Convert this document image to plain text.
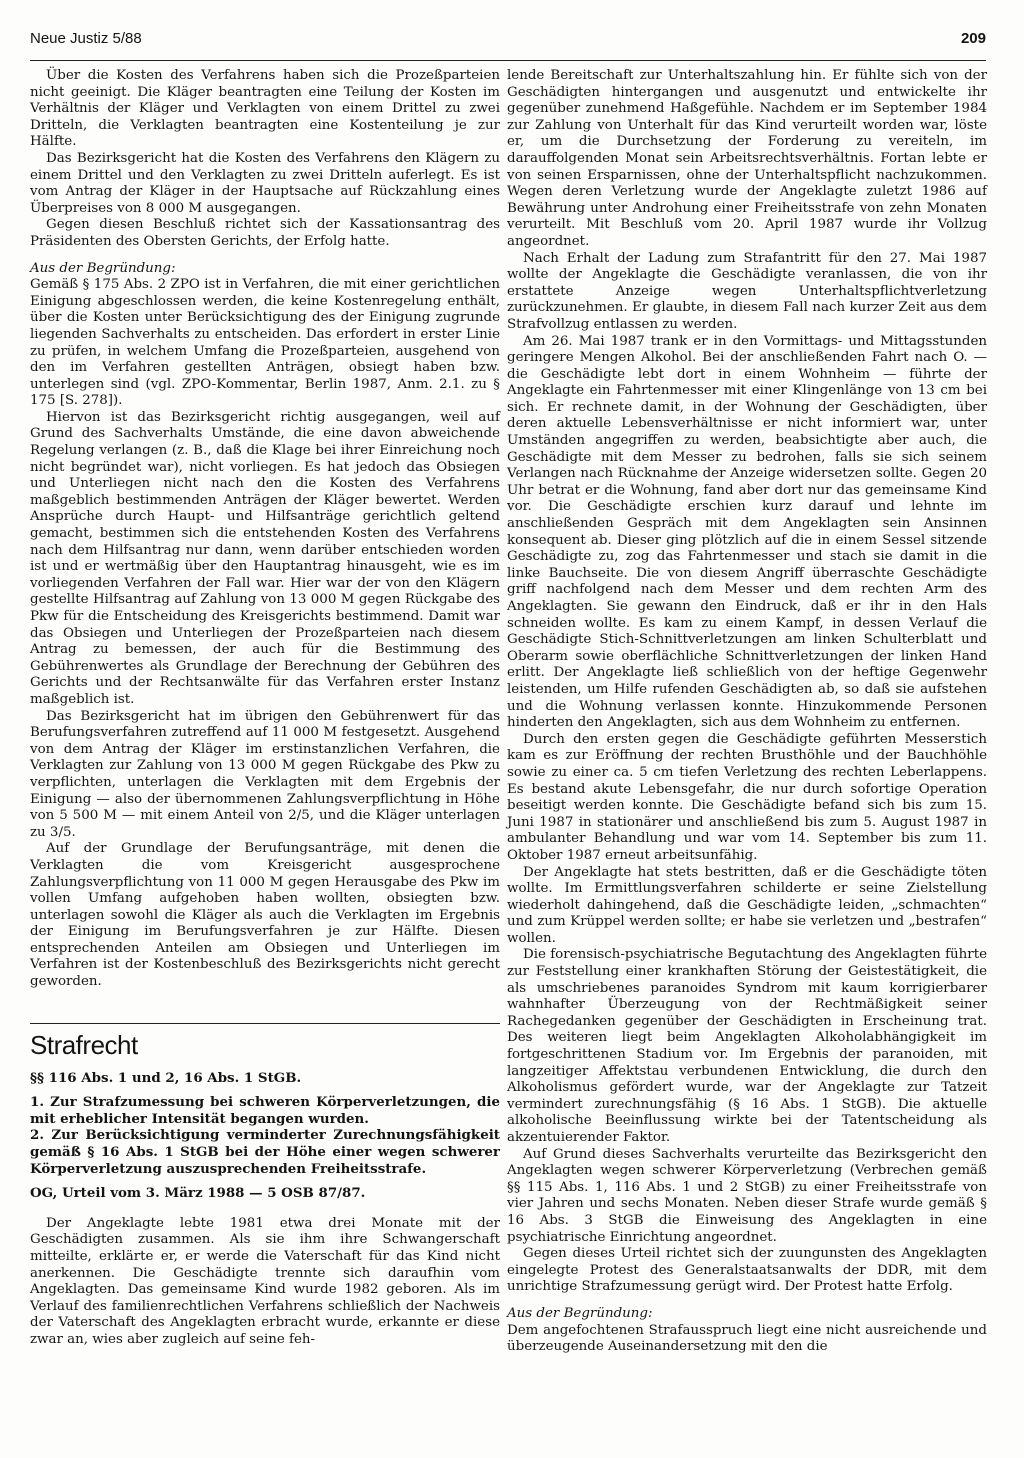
Neue Justiz 5/88	209

Über die Kosten des Verfahrens haben sich die Prozeßparteien nicht geeinigt. Die Kläger beantragten eine Teilung der Kosten im Verhältnis der Kläger und Verklagten von einem Drittel zu zwei Dritteln, die Verklagten beantragten eine Kostenteilung je zur Hälfte.

Das Bezirksgericht hat die Kosten des Verfahrens den Klägern zu einem Drittel und den Verklagten zu zwei Dritteln auferlegt. Es ist vom Antrag der Kläger in der Hauptsache auf Rückzahlung eines Überpreises von 8 000 M ausgegangen.

Gegen diesen Beschluß richtet sich der Kassationsantrag des Präsidenten des Obersten Gerichts, der Erfolg hatte.

Aus der Begründung:

Gemäß § 175 Abs. 2 ZPO ist in Verfahren, die mit einer gerichtlichen Einigung abgeschlossen werden, die keine Kostenregelung enthält, über die Kosten unter Berücksichtigung des der Einigung zugrunde liegenden Sachverhalts zu entscheiden. Das erfordert in erster Linie zu prüfen, in welchem Umfang die Prozeßparteien, ausgehend von den im Verfahren gestellten Anträgen, obsiegt haben bzw. unterlegen sind (vgl. ZPO-Kommentar, Berlin 1987, Anm. 2.1. zu § 175 [S. 278]).

Hiervon ist das Bezirksgericht richtig ausgegangen, weil auf Grund des Sachverhalts Umstände, die eine davon abweichende Regelung verlangen (z. B., daß die Klage bei ihrer Einreichung noch nicht begründet war), nicht vorliegen. Es hat jedoch das Obsiegen und Unterliegen nicht nach den die Kosten des Verfahrens maßgeblich bestimmenden Anträgen der Kläger bewertet. Werden Ansprüche durch Haupt- und Hilfsanträge gerichtlich geltend gemacht, bestimmen sich die entstehenden Kosten des Verfahrens nach dem Hilfsantrag nur dann, wenn darüber entschieden worden ist und er wertmäßig über den Hauptantrag hinausgeht, wie es im vorliegenden Verfahren der Fall war. Hier war der von den Klägern gestellte Hilfsantrag auf Zahlung von 13 000 M gegen Rückgabe des Pkw für die Entscheidung des Kreisgerichts bestimmend. Damit war das Obsiegen und Unterliegen der Prozeßparteien nach diesem Antrag zu bemessen, der auch für die Bestimmung des Gebührenwertes als Grundlage der Berechnung der Gebühren des Gerichts und der Rechtsanwälte für das Verfahren erster Instanz maßgeblich ist.

Das Bezirksgericht hat im übrigen den Gebührenwert für das Berufungsverfahren zutreffend auf 11 000 M festgesetzt. Ausgehend von dem Antrag der Kläger im erstinstanzlichen Verfahren, die Verklagten zur Zahlung von 13 000 M gegen Rückgabe des Pkw zu verpflichten, unterlagen die Verklagten mit dem Ergebnis der Einigung — also der übernommenen Zahlungsverpflichtung in Höhe von 5 500 M — mit einem Anteil von 2/5, und die Kläger unterlagen zu 3/5.

Auf der Grundlage der Berufungsanträge, mit denen die Verklagten die vom Kreisgericht ausgesprochene Zahlungsverpflichtung von 11 000 M gegen Herausgabe des Pkw im vollen Umfang aufgehoben haben wollten, obsiegten bzw. unterlagen sowohl die Kläger als auch die Verklagten im Ergebnis der Einigung im Berufungsverfahren je zur Hälfte. Diesen entsprechenden Anteilen am Obsiegen und Unterliegen im Verfahren ist der Kostenbeschluß des Bezirksgerichts nicht gerecht geworden.

Strafrecht

§§ 116 Abs. 1 und 2, 16 Abs. 1 StGB.

1. Zur Strafzumessung bei schweren Körperverletzungen, die mit erheblicher Intensität begangen wurden.

2. Zur Berücksichtigung verminderter Zurechnungsfähigkeit gemäß § 16 Abs. 1 StGB bei der Höhe einer wegen schwerer Körperverletzung auszusprechenden Freiheitsstrafe.

OG, Urteil vom 3. März 1988 — 5 OSB 87/87.

Der Angeklagte lebte 1981 etwa drei Monate mit der Geschädigten zusammen. Als sie ihm ihre Schwangerschaft mitteilte, erklärte er, er werde die Vaterschaft für das Kind nicht anerkennen. Die Geschädigte trennte sich daraufhin vom Angeklagten. Das gemeinsame Kind wurde 1982 geboren. Als im Verlauf des familienrechtlichen Verfahrens schließlich der Nachweis der Vaterschaft des Angeklagten erbracht wurde, erkannte er diese zwar an, wies aber zugleich auf seine feh-

lende Bereitschaft zur Unterhaltszahlung hin. Er fühlte sich von der Geschädigten hintergangen und ausgenutzt und entwickelte ihr gegenüber zunehmend Haßgefühle. Nachdem er im September 1984 zur Zahlung von Unterhalt für das Kind verurteilt worden war, löste er, um die Durchsetzung der Forderung zu vereiteln, im darauffolgenden Monat sein Arbeitsrechtsverhältnis. Fortan lebte er von seinen Ersparnissen, ohne der Unterhaltspflicht nachzukommen. Wegen deren Verletzung wurde der Angeklagte zuletzt 1986 auf Bewährung unter Androhung einer Freiheitsstrafe von zehn Monaten verurteilt. Mit Beschluß vom 20. April 1987 wurde ihr Vollzug angeordnet.

Nach Erhalt der Ladung zum Strafantritt für den 27. Mai 1987 wollte der Angeklagte die Geschädigte veranlassen, die von ihr erstattete Anzeige wegen Unterhaltspflichtverletzung zurückzunehmen. Er glaubte, in diesem Fall nach kurzer Zeit aus dem Strafvollzug entlassen zu werden.

Am 26. Mai 1987 trank er in den Vormittags- und Mittagsstunden geringere Mengen Alkohol. Bei der anschließenden Fahrt nach O. — die Geschädigte lebt dort in einem Wohnheim — führte der Angeklagte ein Fahrtenmesser mit einer Klingenlänge von 13 cm bei sich. Er rechnete damit, in der Wohnung der Geschädigten, über deren aktuelle Lebensverhältnisse er nicht informiert war, unter Umständen angegriffen zu werden, beabsichtigte aber auch, die Geschädigte mit dem Messer zu bedrohen, falls sie sich seinem Verlangen nach Rücknahme der Anzeige widersetzen sollte. Gegen 20 Uhr betrat er die Wohnung, fand aber dort nur das gemeinsame Kind vor. Die Geschädigte erschien kurz darauf und lehnte im anschließenden Gespräch mit dem Angeklagten sein Ansinnen konsequent ab. Dieser ging plötzlich auf die in einem Sessel sitzende Geschädigte zu, zog das Fahrtenmesser und stach sie damit in die linke Bauchseite. Die von diesem Angriff überraschte Geschädigte griff nachfolgend nach dem Messer und dem rechten Arm des Angeklagten. Sie gewann den Eindruck, daß er ihr in den Hals schneiden wollte. Es kam zu einem Kampf, in dessen Verlauf die Geschädigte Stich-Schnittverletzungen am linken Schulterblatt und Oberarm sowie oberflächliche Schnittverletzungen der linken Hand erlitt. Der Angeklagte ließ schließlich von der heftige Gegenwehr leistenden, um Hilfe rufenden Geschädigten ab, so daß sie aufstehen und die Wohnung verlassen konnte. Hinzukommende Personen hinderten den Angeklagten, sich aus dem Wohnheim zu entfernen.

Durch den ersten gegen die Geschädigte geführten Messerstich kam es zur Eröffnung der rechten Brusthöhle und der Bauchhöhle sowie zu einer ca. 5 cm tiefen Verletzung des rechten Leberlappens. Es bestand akute Lebensgefahr, die nur durch sofortige Operation beseitigt werden konnte. Die Geschädigte befand sich bis zum 15. Juni 1987 in stationärer und anschließend bis zum 5. August 1987 in ambulanter Behandlung und war vom 14. September bis zum 11. Oktober 1987 erneut arbeitsunfähig.

Der Angeklagte hat stets bestritten, daß er die Geschädigte töten wollte. Im Ermittlungsverfahren schilderte er seine Zielstellung wiederholt dahingehend, daß die Geschädigte leiden, „schmachten“ und zum Krüppel werden sollte; er habe sie verletzen und „bestrafen“ wollen.

Die forensisch-psychiatrische Begutachtung des Angeklagten führte zur Feststellung einer krankhaften Störung der Geistestätigkeit, die als umschriebenes paranoides Syndrom mit kaum korrigierbarer wahnhafter Überzeugung von der Rechtmäßigkeit seiner Rachegedanken gegenüber der Geschädigten in Erscheinung trat. Des weiteren liegt beim Angeklagten Alkoholabhängigkeit im fortgeschrittenen Stadium vor. Im Ergebnis der paranoiden, mit langzeitiger Affektstau verbundenen Entwicklung, die durch den Alkoholismus gefördert wurde, war der Angeklagte zur Tatzeit vermindert zurechnungsfähig (§ 16 Abs. 1 StGB). Die aktuelle alkoholische Beeinflussung wirkte bei der Tatentscheidung als akzentuierender Faktor.

Auf Grund dieses Sachverhalts verurteilte das Bezirksgericht den Angeklagten wegen schwerer Körperverletzung (Verbrechen gemäß §§ 115 Abs. 1, 116 Abs. 1 und 2 StGB) zu einer Freiheitsstrafe von vier Jahren und sechs Monaten. Neben dieser Strafe wurde gemäß § 16 Abs. 3 StGB die Einweisung des Angeklagten in eine psychiatrische Einrichtung angeordnet.

Gegen dieses Urteil richtet sich der zuungunsten des Angeklagten eingelegte Protest des Generalstaatsanwalts der DDR, mit dem unrichtige Strafzumessung gerügt wird. Der Protest hatte Erfolg.

Aus der Begründung:

Dem angefochtenen Strafausspruch liegt eine nicht ausreichende und überzeugende Auseinandersetzung mit den die
